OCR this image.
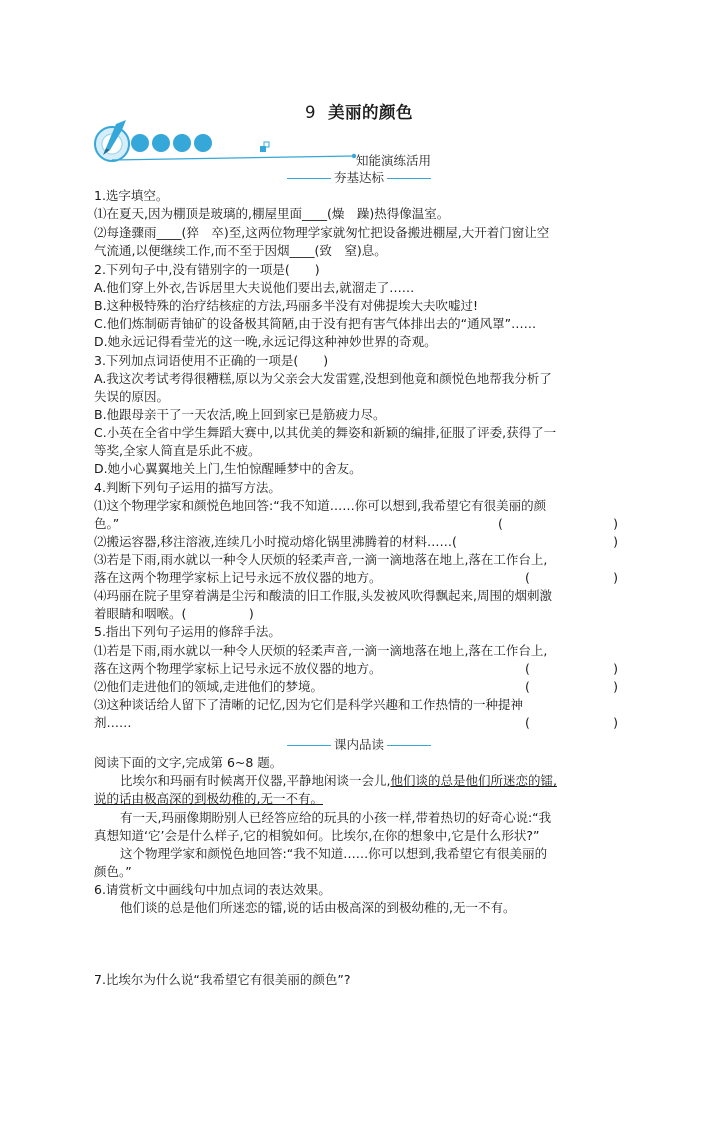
9 美丽的颜色
知能演练活用
夯基达标
1.选字填空。
⑴在夏天,因为棚顶是玻璃的,棚屋里面____(燥　躁)热得像温室。
⑵每逢骤雨____(猝　卒)至,这两位物理学家就匆忙把设备搬进棚屋,大开着门窗让空
气流通,以便继续工作,而不至于因烟____(致　窒)息。
2.下列句子中,没有错别字的一项是(　　)
A.他们穿上外衣,告诉居里大夫说他们要出去,就溜走了……
B.这种极特殊的治疗结核症的方法,玛丽多半没有对佛提埃大夫吹嘘过!
C.他们炼制砺青铀矿的设备极其简陋,由于没有把有害气体排出去的“通风罩”……
D.她永远记得看莹光的这一晚,永远记得这种神妙世界的奇观。
3.下列加点词语使用不正确的一项是(　　)
A.我这次考试考得很糟糕,原以为父亲会大发雷霆,没想到他竟和颜悦色地帮我分析了
失误的原因。
B.他跟母亲干了一天农活,晚上回到家已是筋疲力尽。
C.小英在全省中学生舞蹈大赛中,以其优美的舞姿和新颖的编排,征服了评委,获得了一
等奖,全家人简直是乐此不疲。
D.她小心翼翼地关上门,生怕惊醒睡梦中的舍友。
4.判断下列句子运用的描写方法。
⑴这个物理学家和颜悦色地回答:“我不知道……你可以想到,我希望它有很美丽的颜
色。”	(	)
⑵搬运容器,移注溶液,连续几小时搅动熔化锅里沸腾着的材料……(	)
⑶若是下雨,雨水就以一种令人厌烦的轻柔声音,一滴一滴地落在地上,落在工作台上,
落在这两个物理学家标上记号永远不放仪器的地方。	(	)
⑷玛丽在院子里穿着满是尘污和酸渍的旧工作服,头发被风吹得飘起来,周围的烟刺激
着眼睛和咽喉。(　　　　　)
5.指出下列句子运用的修辞手法。
⑴若是下雨,雨水就以一种令人厌烦的轻柔声音,一滴一滴地落在地上,落在工作台上,
落在这两个物理学家标上记号永远不放仪器的地方。	(	)
⑵他们走进他们的领域,走进他们的梦境。	(	)
⑶这种谈话给人留下了清晰的记忆,因为它们是科学兴趣和工作热情的一种提神
剂……	(	)
课内品读
阅读下面的文字,完成第 6~8 题。
比埃尔和玛丽有时候离开仪器,平静地闲谈一会儿,他们谈的总是他们所迷恋的镭,
说的话由极高深的到极幼稚的,无一不有。
有一天,玛丽像期盼别人已经答应给的玩具的小孩一样,带着热切的好奇心说:“我
真想知道‘它’会是什么样子,它的相貌如何。比埃尔,在你的想象中,它是什么形状?”
这个物理学家和颜悦色地回答:“我不知道……你可以想到,我希望它有很美丽的
颜色。”
6.请赏析文中画线句中加点词的表达效果。
他们谈的总是他们所迷恋的镭,说的话由极高深的到极幼稚的,无一不有。
7.比埃尔为什么说“我希望它有很美丽的颜色”?
